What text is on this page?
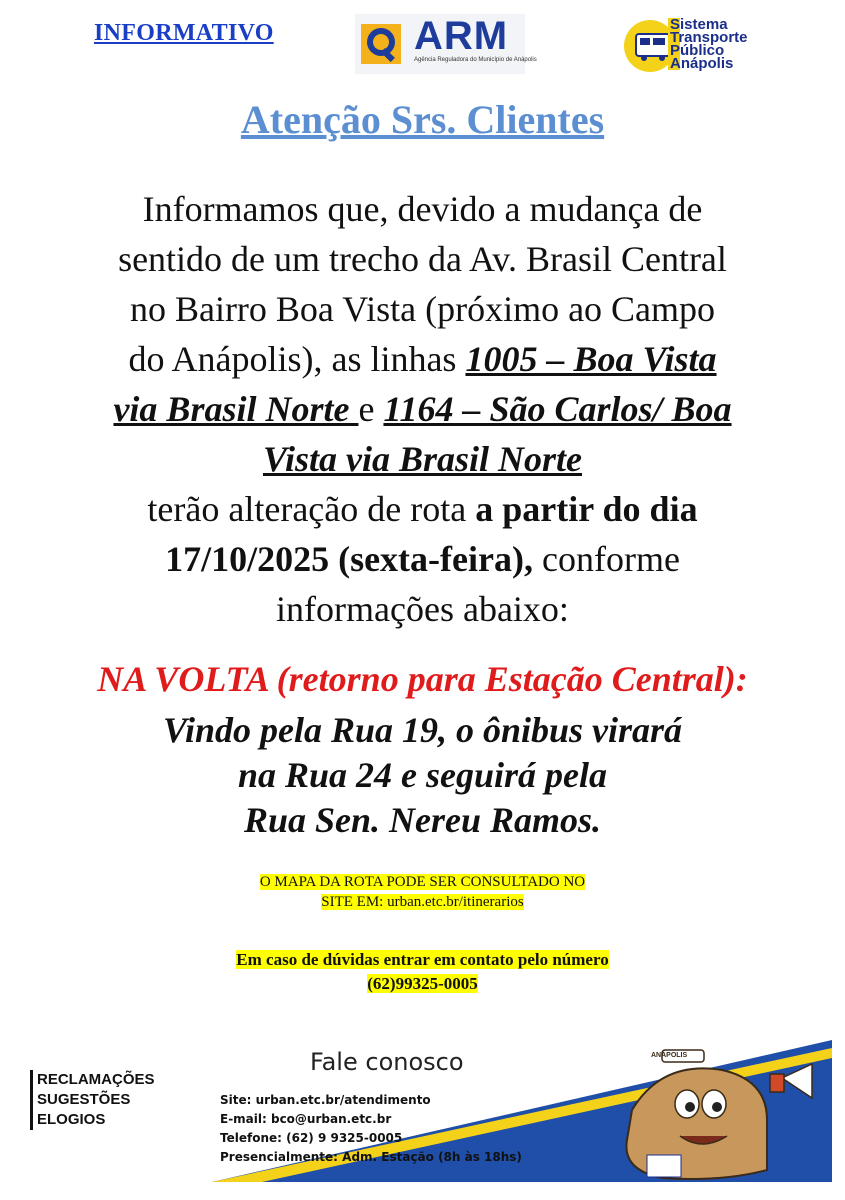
INFORMATIVO	ARM
Agência Reguladora do Município de Anápolis
Sistema
Transporte
Público
Anápolis
Atenção Srs. Clientes
Informamos que, devido a mudança de
sentido de um trecho da Av. Brasil Central
no Bairro Boa Vista (próximo ao Campo
do Anápolis), as linhas 1005 – Boa Vista
via Brasil Norte e 1164 – São Carlos/ Boa
Vista via Brasil Norte
terão alteração de rota a partir do dia
17/10/2025 (sexta-feira), conforme
informações abaixo:
NA VOLTA (retorno para Estação Central):
Vindo pela Rua 19, o ônibus virará
na Rua 24 e seguirá pela
Rua Sen. Nereu Ramos.
O MAPA DA ROTA PODE SER CONSULTADO NO
SITE EM: urban.etc.br/itinerarios
Em caso de dúvidas entrar em contato pelo número
(62)99325-0005
ANÁPOLIS
RECLAMAÇÕES
SUGESTÕES
ELOGIOS
Fale conosco
Site: urban.etc.br/atendimento
E-mail: bco@urban.etc.br
Telefone: (62) 9 9325-0005
Presencialmente: Adm. Estação (8h às 18hs)
